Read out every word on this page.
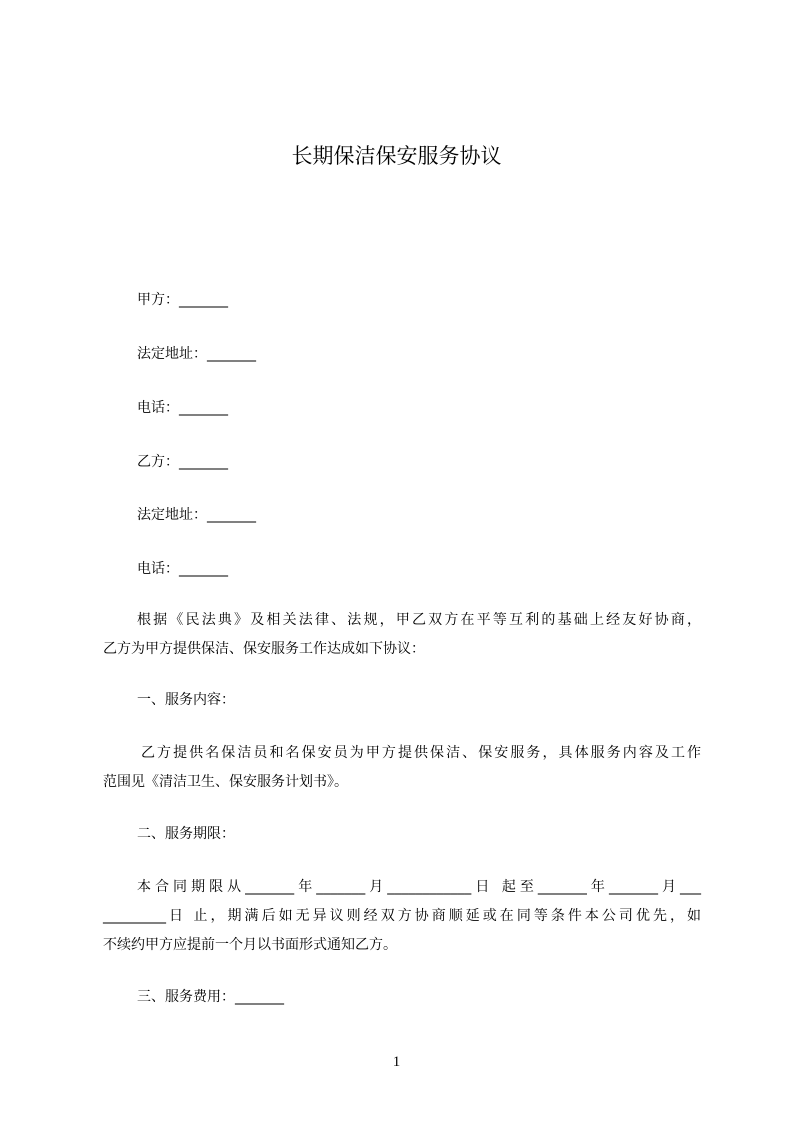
长期保洁保安服务协议
甲方：_______
法定地址：_______
电话：_______
乙方：_______
法定地址：_______
电话：_______
根据《民法典》及相关法律、法规，甲乙双方在平等互利的基础上经友好协商，
乙方为甲方提供保洁、保安服务工作达成如下协议：
一、服务内容：
乙方提供名保洁员和名保安员为甲方提供保洁、保安服务，具体服务内容及工作
范围见《清洁卫生、保安服务计划书》。
二、服务期限：
本合同期限从_______年_______月____________日 起至_______年_______月___
_________日 止，期满后如无异议则经双方协商顺延或在同等条件本公司优先，如
不续约甲方应提前一个月以书面形式通知乙方。
三、服务费用：_______
1
